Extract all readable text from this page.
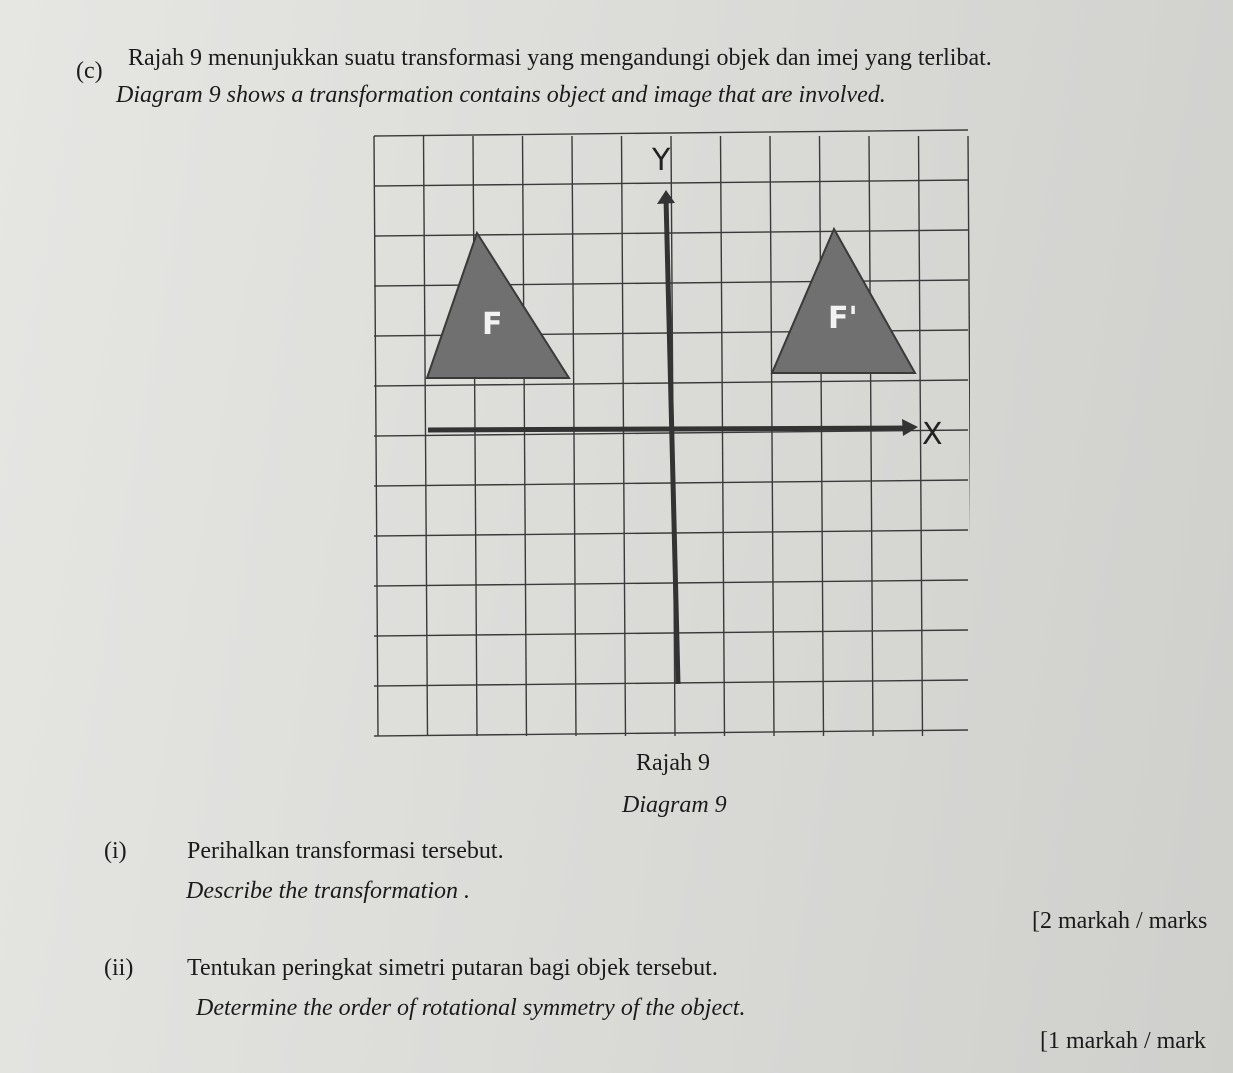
(c) Rajah 9 menunjukkan suatu transformasi yang mengandungi objek dan imej yang terlibat.
Diagram 9 shows a transformation contains object and image that are involved.
Y
X
F	F'
Rajah 9
Diagram 9
(i)	Perihalkan transformasi tersebut.
Describe the transformation .
[2 markah / marks
(ii) Tentukan peringkat simetri putaran bagi objek tersebut.
Determine the order of rotational symmetry of the object.
[1 markah / mark
